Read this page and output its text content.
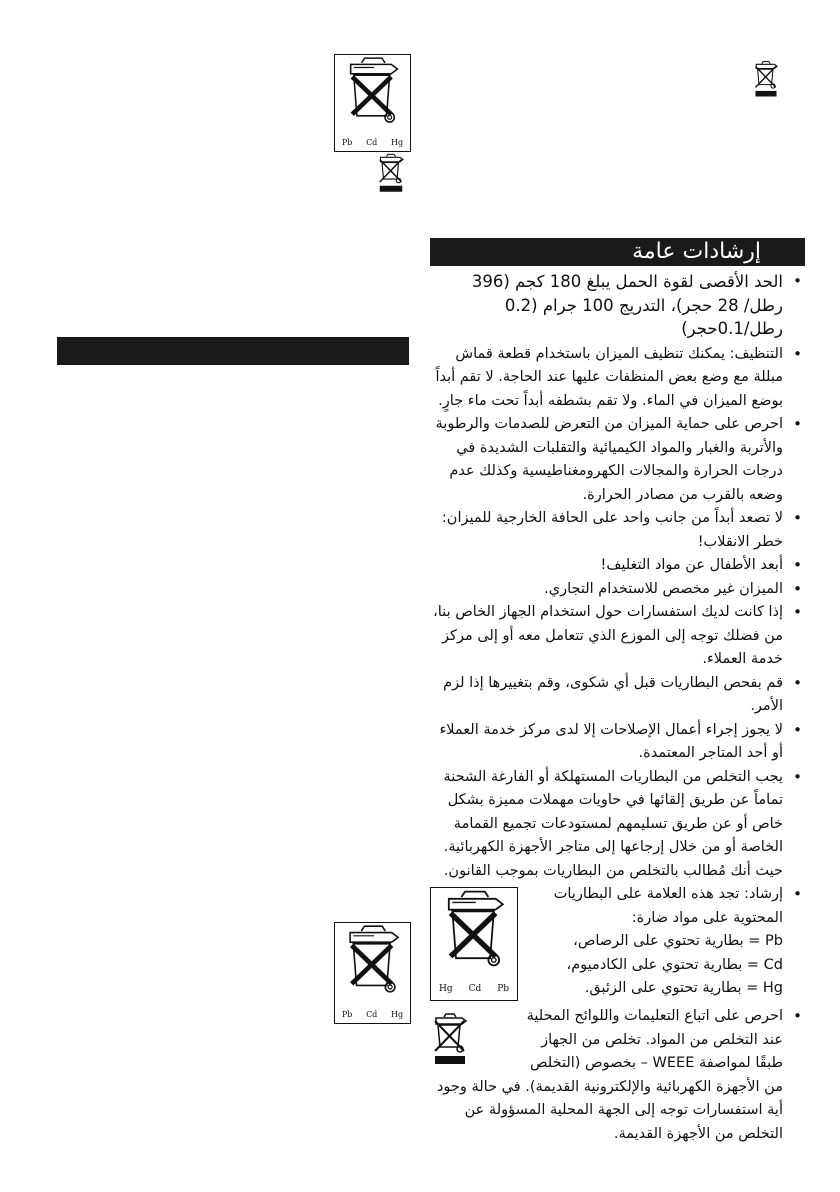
Pb Cd Hg
إرشادات عامة
• الحد الأقصى لقوة الحمل يبلغ 180 كجم (396 رطل/ 28 حجر)، التدريج 100 جرام (0.2 رطل/0.1حجر)
• التنظيف: يمكنك تنظيف الميزان باستخدام قطعة قماش مبللة مع وضع بعض المنظفات عليها عند الحاجة. لا تقم أبداً بوضع الميزان في الماء. ولا تقم بشطفه أبداً تحت ماء جارٍ.
• احرص على حماية الميزان من التعرض للصدمات والرطوبة والأتربة والغبار والمواد الكيميائية والتقلبات الشديدة في درجات الحرارة والمجالات الكهرومغناطيسية وكذلك عدم وضعه بالقرب من مصادر الحرارة.
• لا تصعد أبداً من جانب واحد على الحافة الخارجية للميزان: خطر الانقلاب!
• أبعد الأطفال عن مواد التغليف!
• الميزان غير مخصص للاستخدام التجاري.
• إذا كانت لديك استفسارات حول استخدام الجهاز الخاص بنا، من فضلك توجه إلى الموزع الذي تتعامل معه أو إلى مركز خدمة العملاء.
• قم بفحص البطاريات قبل أي شكوى، وقم بتغييرها إذا لزم الأمر.
• لا يجوز إجراء أعمال الإصلاحات إلا لدى مركز خدمة العملاء أو أحد المتاجر المعتمدة.
• يجب التخلص من البطاريات المستهلكة أو الفارغة الشحنة تماماً عن طريق إلقائها في حاويات مهملات مميزة بشكل خاص أو عن طريق تسليمهم لمستودعات تجميع القمامة الخاصة أو من خلال إرجاعها إلى متاجر الأجهزة الكهربائية.
حيث أنك مُطالب بالتخلص من البطاريات بموجب القانون.
• Pb
Cd
Hg
إرشاد: تجد هذه العلامة على البطاريات المحتوية على مواد ضارة:
Pb = بطارية تحتوي على الرصاص،
Cd = بطارية تحتوي على الكادميوم،
Hg = بطارية تحتوي على الزئبق.
• احرص على اتباع التعليمات واللوائح المحلية عند التخلص من المواد. تخلص من الجهاز طبقًا لمواصفة WEEE – بخصوص (التخلص من الأجهزة الكهربائية والإلكترونية القديمة). في حالة وجود أية استفسارات توجه إلى الجهة المحلية المسؤولة عن التخلص من الأجهزة القديمة.
Pb Cd Hg
